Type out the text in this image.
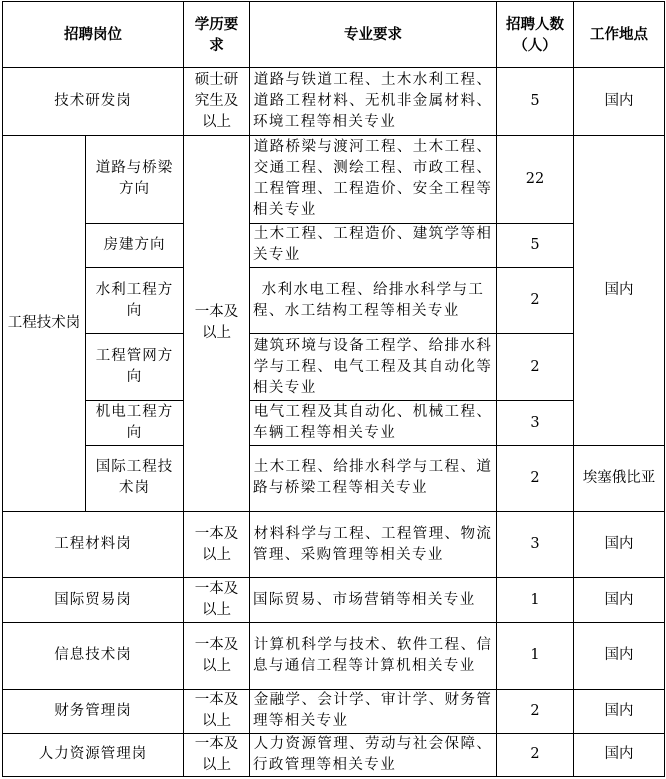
招聘岗位		学历要求	专业要求	招聘人数（人）	工作地点
技术研发岗		硕士研究生及以上	道路与铁道工程、土木水利工程、道路工程材料、无机非金属材料、环境工程等相关专业	5	国内
工程技术岗	道路与桥梁方向	一本及以上	道路桥梁与渡河工程、土木工程、交通工程、测绘工程、市政工程、工程管理、工程造价、安全工程等相关专业	22	国内
	房建方向		土木工程、工程造价、建筑学等相关专业	5	
	水利工程方向		水利水电工程、给排水科学与工程、水工结构工程等相关专业	2	
	工程管网方向		建筑环境与设备工程学、给排水科学与工程、电气工程及其自动化等相关专业	2	
	机电工程方向		电气工程及其自动化、机械工程、车辆工程等相关专业	3	
	国际工程技术岗		土木工程、给排水科学与工程、道路与桥梁工程等相关专业	2	埃塞俄比亚
工程材料岗		一本及以上	材料科学与工程、工程管理、物流管理、采购管理等相关专业	3	国内
国际贸易岗		一本及以上	国际贸易、市场营销等相关专业	1	国内
信息技术岗		一本及以上	计算机科学与技术、软件工程、信息与通信工程等计算机相关专业	1	国内
财务管理岗		一本及以上	金融学、会计学、审计学、财务管理等相关专业	2	国内
人力资源管理岗		一本及以上	人力资源管理、劳动与社会保障、行政管理等相关专业	2	国内
